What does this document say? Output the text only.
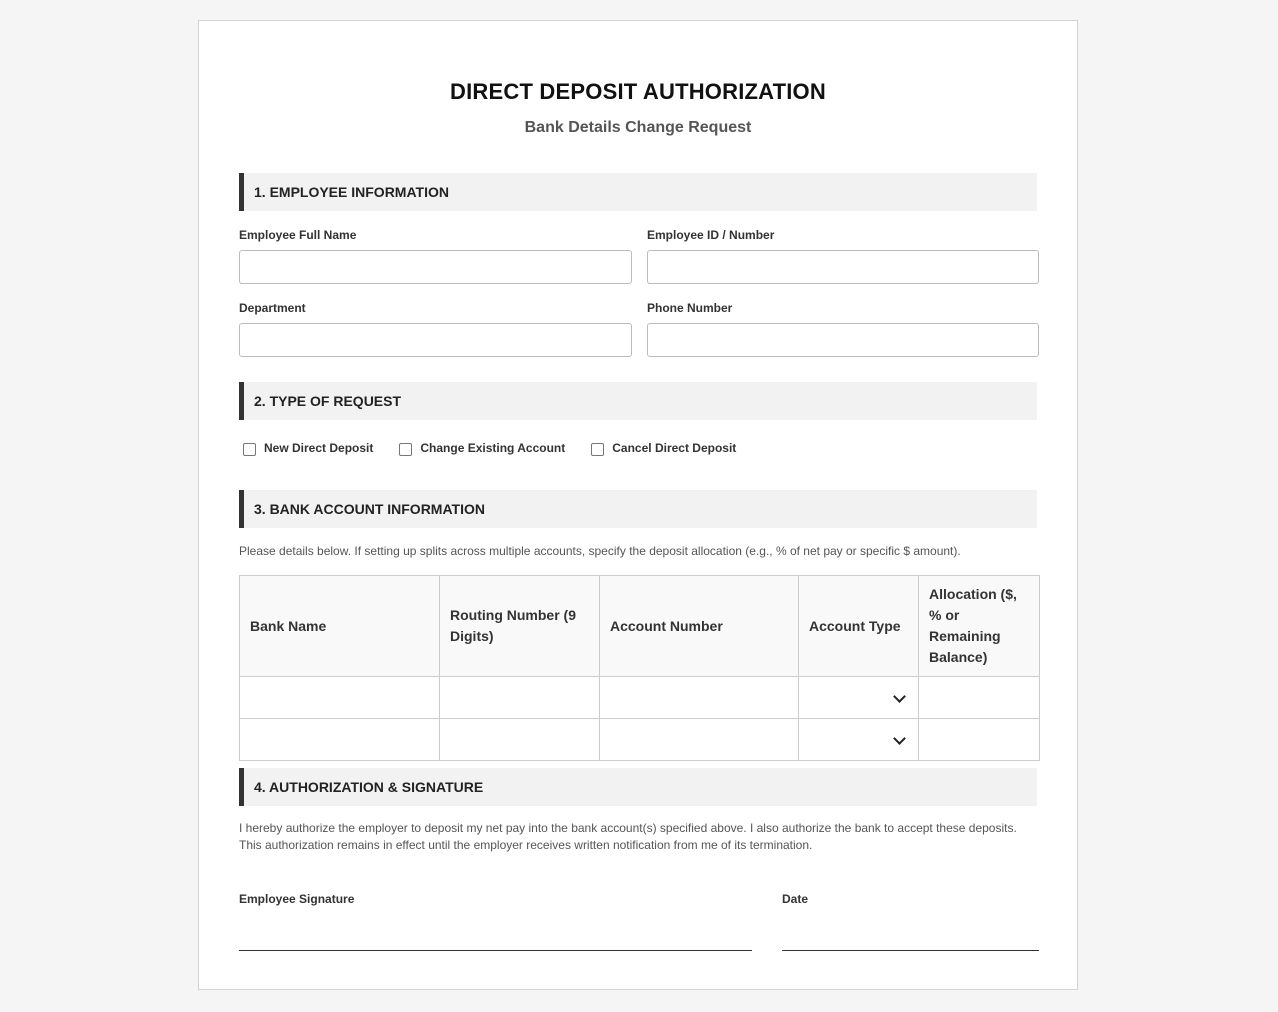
DIRECT DEPOSIT AUTHORIZATION
Bank Details Change Request
1. EMPLOYEE INFORMATION
Employee Full Name	Employee ID / Number
Department	Phone Number
2. TYPE OF REQUEST
New Direct Deposit	Change Existing Account	Cancel Direct Deposit
3. BANK ACCOUNT INFORMATION
Please details below. If setting up splits across multiple accounts, specify the deposit allocation (e.g., % of net pay or specific $ amount).
Bank Name	Routing Number (9 Digits)	Account Number	Account Type	Allocation ($, % or Remaining Balance)

4. AUTHORIZATION & SIGNATURE
I hereby authorize the employer to deposit my net pay into the bank account(s) specified above. I also authorize the bank to accept these deposits. This authorization remains in effect until the employer receives written notification from me of its termination.
Employee Signature	Date
